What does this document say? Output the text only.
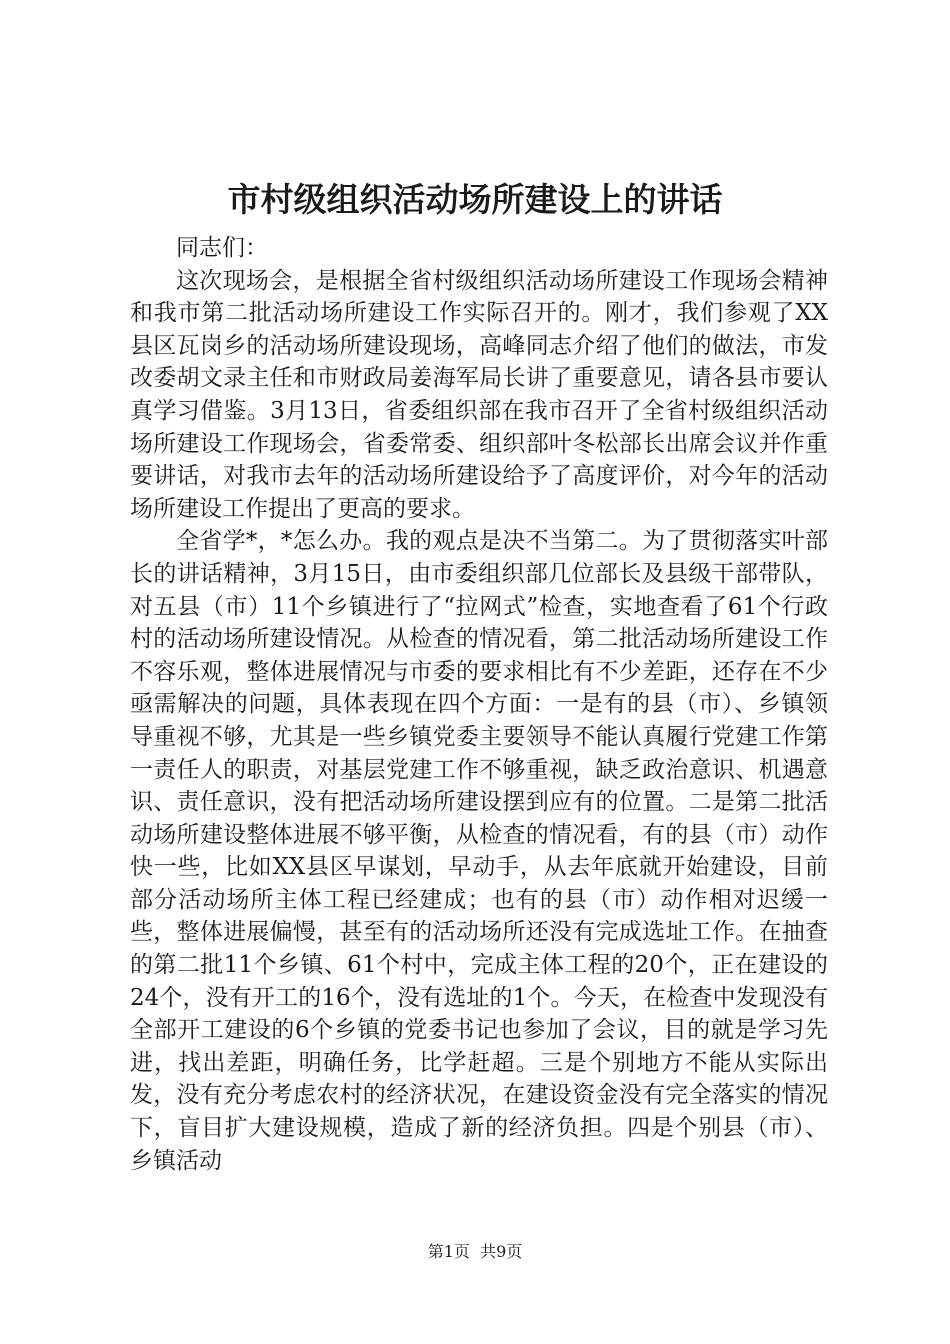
市村级组织活动场所建设上的讲话

同志们：

这次现场会，是根据全省村级组织活动场所建设工作现场会精神和我市第二批活动场所建设工作实际召开的。刚才，我们参观了XX县区瓦岗乡的活动场所建设现场，高峰同志介绍了他们的做法，市发改委胡文录主任和市财政局姜海军局长讲了重要意见，请各县市要认真学习借鉴。3月13日，省委组织部在我市召开了全省村级组织活动场所建设工作现场会，省委常委、组织部叶冬松部长出席会议并作重要讲话，对我市去年的活动场所建设给予了高度评价，对今年的活动场所建设工作提出了更高的要求。

全省学*，*怎么办。我的观点是决不当第二。为了贯彻落实叶部长的讲话精神，3月15日，由市委组织部几位部长及县级干部带队，对五县（市）11个乡镇进行了“拉网式”检查，实地查看了61个行政村的活动场所建设情况。从检查的情况看，第二批活动场所建设工作不容乐观，整体进展情况与市委的要求相比有不少差距，还存在不少亟需解决的问题，具体表现在四个方面：一是有的县（市）、乡镇领导重视不够，尤其是一些乡镇党委主要领导不能认真履行党建工作第一责任人的职责，对基层党建工作不够重视，缺乏政治意识、机遇意识、责任意识，没有把活动场所建设摆到应有的位置。二是第二批活动场所建设整体进展不够平衡，从检查的情况看，有的县（市）动作快一些，比如XX县区早谋划，早动手，从去年底就开始建设，目前部分活动场所主体工程已经建成；也有的县（市）动作相对迟缓一些，整体进展偏慢，甚至有的活动场所还没有完成选址工作。在抽查的第二批11个乡镇、61个村中，完成主体工程的20个，正在建设的24个，没有开工的16个，没有选址的1个。今天，在检查中发现没有全部开工建设的6个乡镇的党委书记也参加了会议，目的就是学习先进，找出差距，明确任务，比学赶超。三是个别地方不能从实际出发，没有充分考虑农村的经济状况，在建设资金没有完全落实的情况下，盲目扩大建设规模，造成了新的经济负担。四是个别县（市）、乡镇活动

第1页  共9页
